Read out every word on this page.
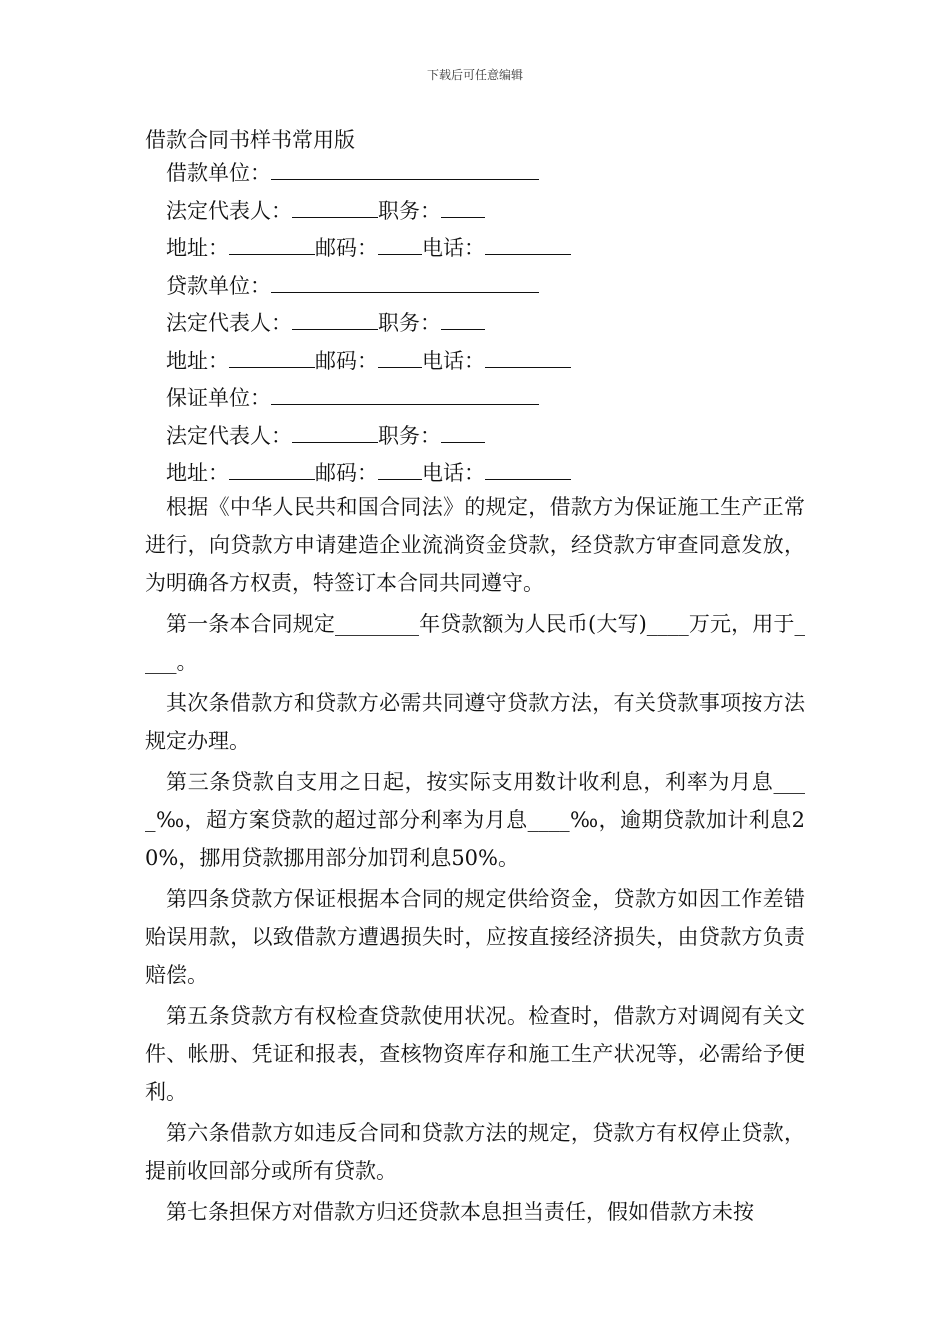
下载后可任意编辑
借款合同书样书常用版
借款单位：
法定代表人：	职务：
地址：	邮码： 电话：
贷款单位：
法定代表人：	职务：
地址：	邮码： 电话：
保证单位：
法定代表人：	职务：
地址：	邮码： 电话：

根据《中华人民共和国合同法》的规定，借款方为保证施工生产正常进行，向贷款方申请建造企业流淌资金贷款，经贷款方审查同意发放，为明确各方权责，特签订本合同共同遵守。

第一条本合同规定________年贷款额为人民币(大写)____万元，用于____。

其次条借款方和贷款方必需共同遵守贷款方法，有关贷款事项按方法规定办理。

第三条贷款自支用之日起，按实际支用数计收利息，利率为月息____‰，超方案贷款的超过部分利率为月息____‰，逾期贷款加计利息20%，挪用贷款挪用部分加罚利息50%。

第四条贷款方保证根据本合同的规定供给资金，贷款方如因工作差错贻误用款，以致借款方遭遇损失时，应按直接经济损失，由贷款方负责赔偿。

第五条贷款方有权检查贷款使用状况。检查时，借款方对调阅有关文件、帐册、凭证和报表，查核物资库存和施工生产状况等，必需给予便利。

第六条借款方如违反合同和贷款方法的规定，贷款方有权停止贷款，提前收回部分或所有贷款。

第七条担保方对借款方归还贷款本息担当责任，假如借款方未按
